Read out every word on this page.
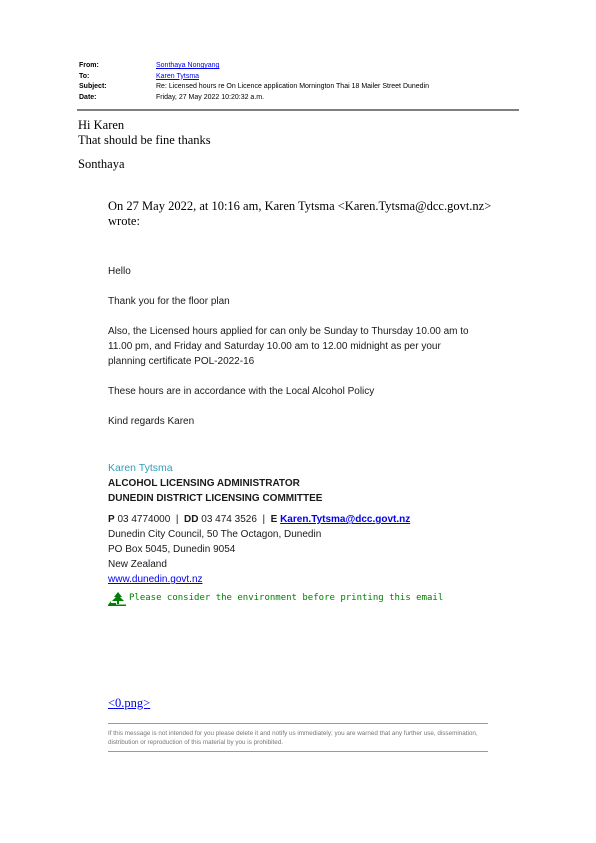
From:	Sonthaya Nongyang
To:	Karen Tytsma
Subject:	Re: Licensed hours re On Licence application Mornington Thai 18 Mailer Street Dunedin
Date:	Friday, 27 May 2022 10:20:32 a.m.

Hi Karen

That should be fine thanks

Sonthaya

On 27 May 2022, at 10:16 am, Karen Tytsma <Karen.Tytsma@dcc.govt.nz> wrote:

Hello

Thank you for the floor plan

Also, the Licensed hours applied for can only be Sunday to Thursday 10.00 am to 11.00 pm, and Friday and Saturday 10.00 am to 12.00 midnight as per your planning certificate POL-2022-16

These hours are in accordance with the Local Alcohol Policy

Kind regards Karen

Karen Tytsma
ALCOHOL LICENSING ADMINISTRATOR
DUNEDIN DISTRICT LICENSING COMMITTEE
P 03 4774000 | DD 03 474 3526 | E Karen.Tytsma@dcc.govt.nz
Dunedin City Council, 50 The Octagon, Dunedin
PO Box 5045, Dunedin 9054
New Zealand
www.dunedin.govt.nz
Please consider the environment before printing this email
<0.png>
If this message is not intended for you please delete it and notify us immediately; you are warned that any further use, dissemination, distribution or reproduction of this material by you is prohibited.
